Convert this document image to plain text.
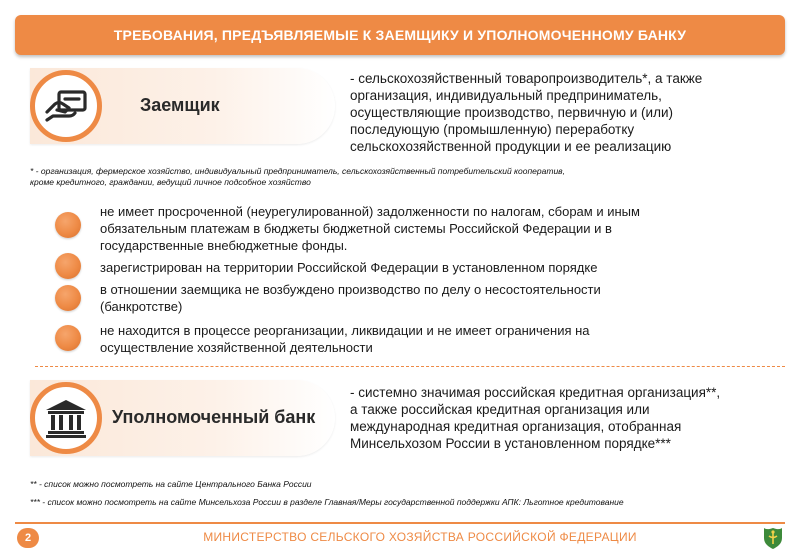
ТРЕБОВАНИЯ, ПРЕДЪЯВЛЯЕМЫЕ К ЗАЕМЩИКУ И УПОЛНОМОЧЕННОМУ БАНКУ
Заемщик
- сельскохозяйственный товаропроизводитель*, а также
организация, индивидуальный предприниматель,
осуществляющие производство, первичную и (или)
последующую (промышленную) переработку
сельскохозяйственной продукции и ее реализацию
* - организация, фермерское хозяйство, индивидуальный предприниматель, сельскохозяйственный потребительский кооператив,
кроме кредитного, граждании, ведущий личное подсобное хозяйство
не имеет просроченной (неурегулированной) задолженности по налогам, сборам и иным
обязательным платежам в бюджеты бюджетной системы Российской Федерации и в
государственные внебюджетные фонды.
зарегистрирован на территории Российской Федерации в установленном порядке
в отношении заемщика не возбуждено производство по делу о несостоятельности
(банкротстве)
не находится в процессе реорганизации, ликвидации и не имеет ограничения на
осуществление хозяйственной деятельности
Уполномоченный банк
- системно значимая российская кредитная организация**,
а также российская кредитная организация или
международная кредитная организация, отобранная
Минсельхозом России в установленном порядке***
** - список можно посмотреть на сайте Центрального Банка России
*** - список можно посмотреть на сайте Минсельхоза России в разделе Главная/Меры государственной поддержки АПК: Льготное кредитование
2	МИНИСТЕРСТВО СЕЛЬСКОГО ХОЗЯЙСТВА РОССИЙСКОЙ ФЕДЕРАЦИИ
